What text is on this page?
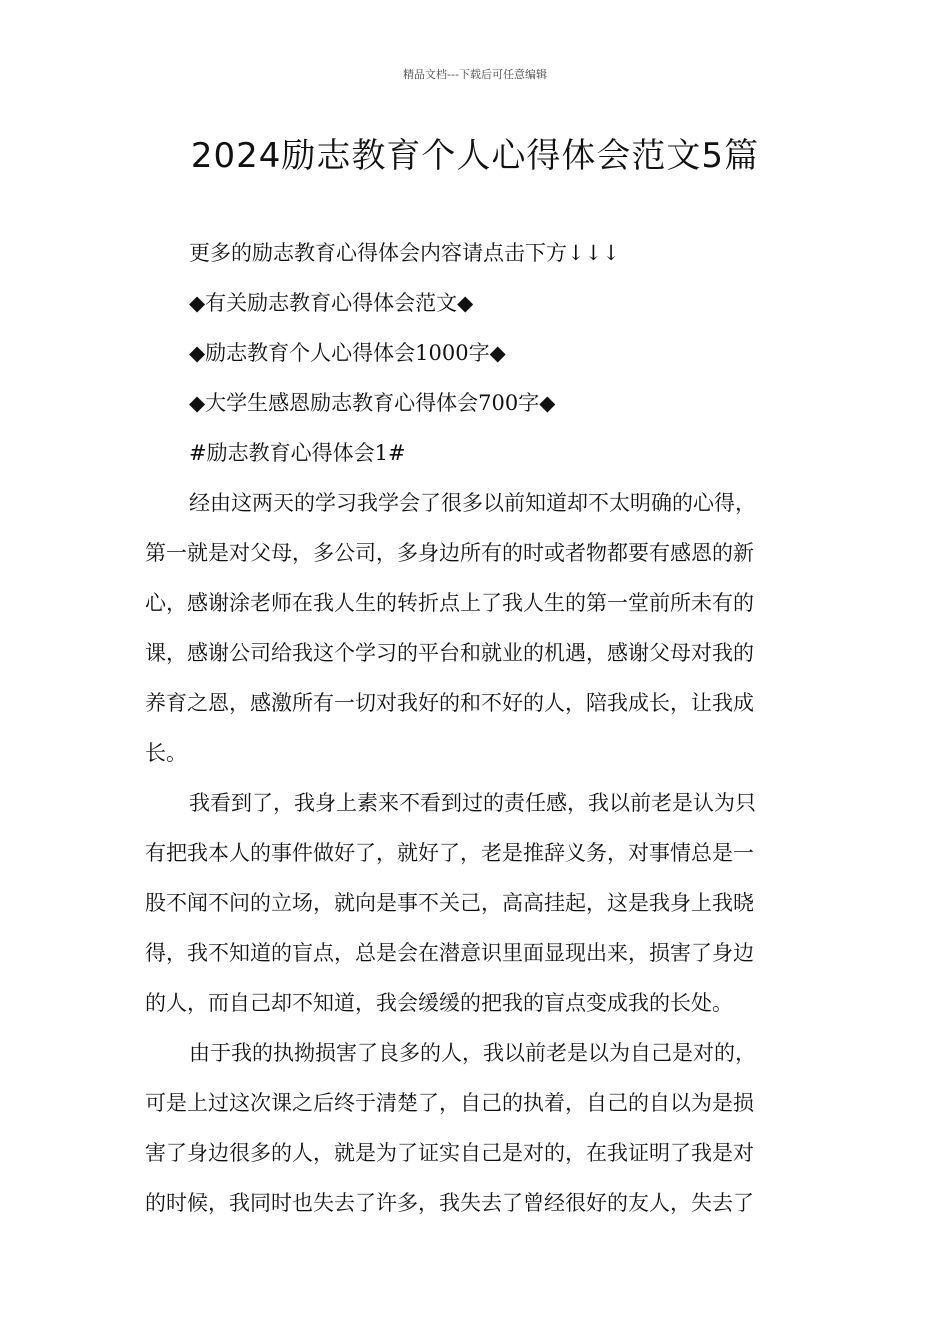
精品文档---下载后可任意编辑
2024励志教育个人心得体会范文5篇
更多的励志教育心得体会内容请点击下方↓↓↓
◆有关励志教育心得体会范文◆
◆励志教育个人心得体会1000字◆
◆大学生感恩励志教育心得体会700字◆
#励志教育心得体会1#
经由这两天的学习我学会了很多以前知道却不太明确的心得，
第一就是对父母，多公司，多身边所有的时或者物都要有感恩的新
心，感谢涂老师在我人生的转折点上了我人生的第一堂前所未有的
课，感谢公司给我这个学习的平台和就业的机遇，感谢父母对我的
养育之恩，感激所有一切对我好的和不好的人，陪我成长，让我成
长。
我看到了，我身上素来不看到过的责任感，我以前老是认为只
有把我本人的事件做好了，就好了，老是推辞义务，对事情总是一
股不闻不问的立场，就向是事不关己，高高挂起，这是我身上我晓
得，我不知道的盲点，总是会在潜意识里面显现出来，损害了身边
的人，而自己却不知道，我会缓缓的把我的盲点变成我的长处。
由于我的执拗损害了良多的人，我以前老是以为自己是对的，
可是上过这次课之后终于清楚了，自己的执着，自己的自以为是损
害了身边很多的人，就是为了证实自己是对的，在我证明了我是对
的时候，我同时也失去了许多，我失去了曾经很好的友人，失去了
